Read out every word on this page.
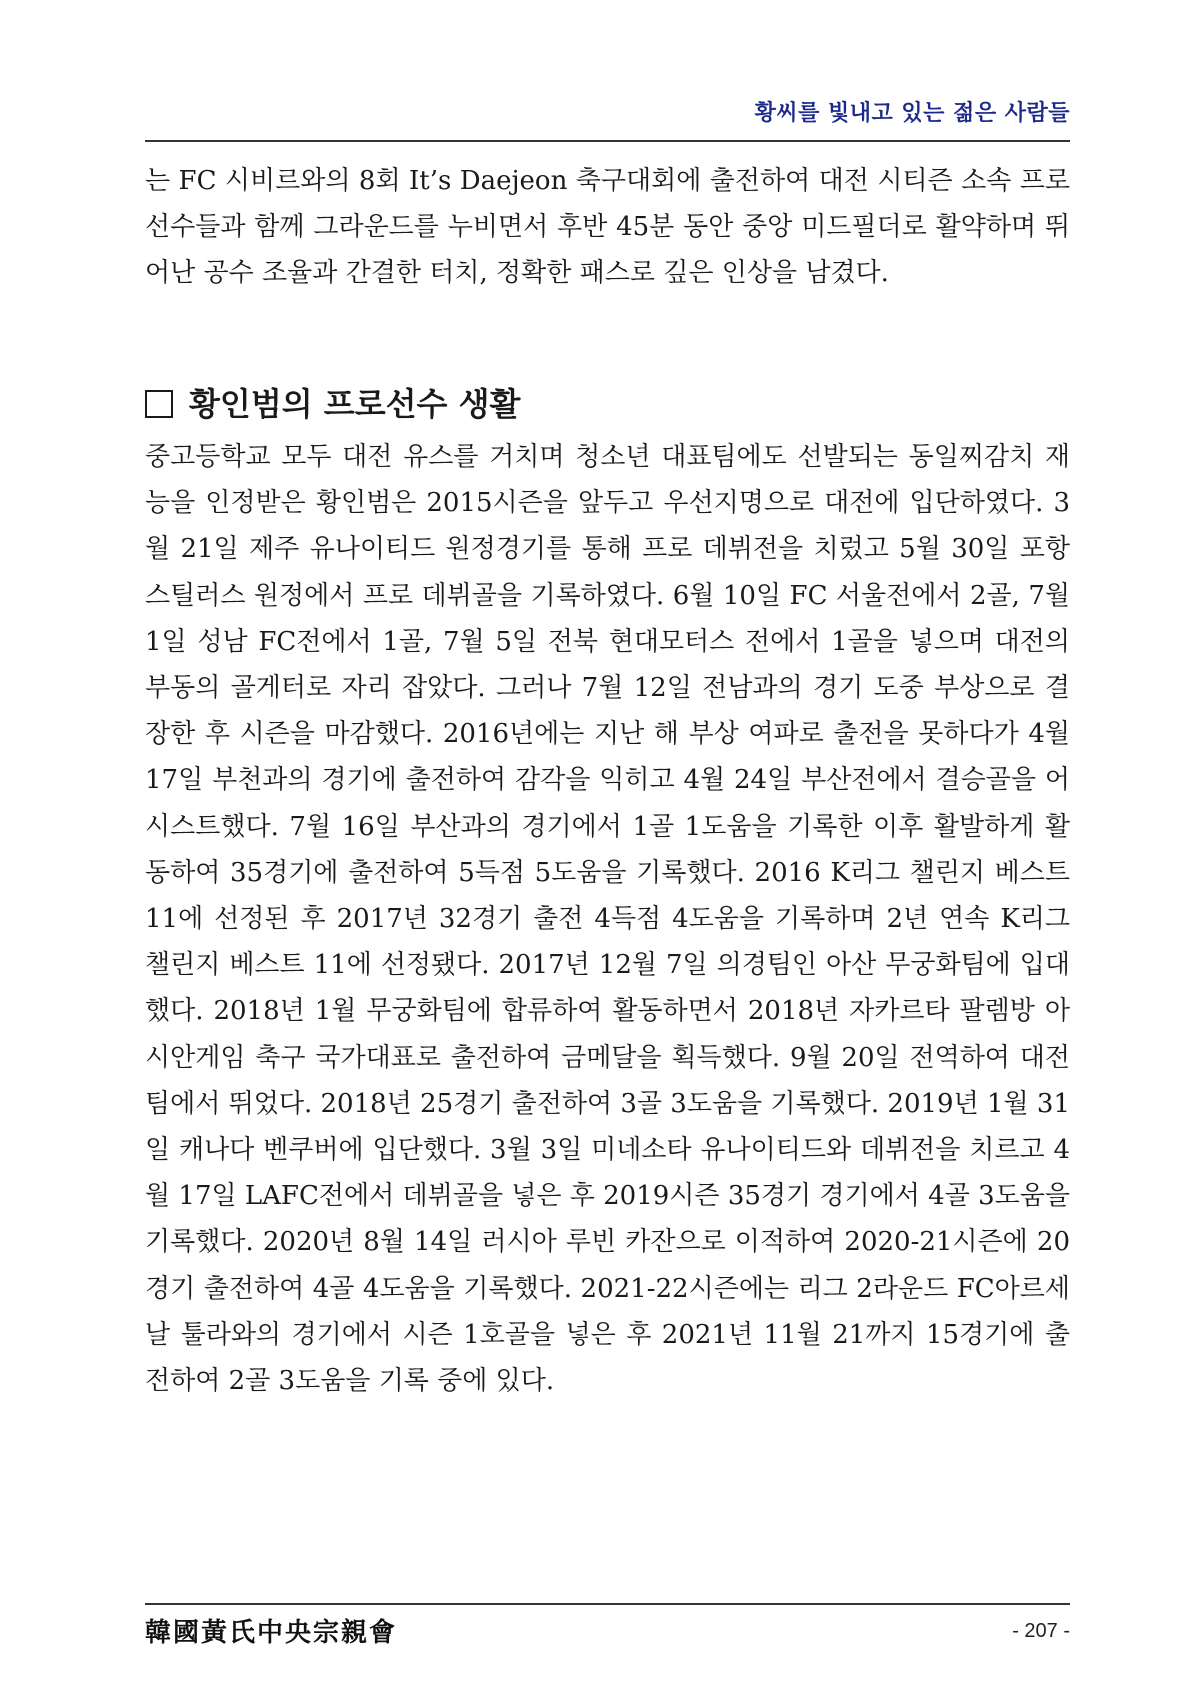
황씨를 빛내고 있는 젊은 사람들

는 FC 시비르와의 8회 It’s Daejeon 축구대회에 출전하여 대전 시티즌 소속 프로선수들과 함께 그라운드를 누비면서 후반 45분 동안 중앙 미드필더로 활약하며 뛰어난 공수 조율과 간결한 터치, 정확한 패스로 깊은 인상을 남겼다.

황인범의 프로선수 생활

중고등학교 모두 대전 유스를 거치며 청소년 대표팀에도 선발되는 동일찌감치 재능을 인정받은 황인범은 2015시즌을 앞두고 우선지명으로 대전에 입단하였다. 3월 21일 제주 유나이티드 원정경기를 통해 프로 데뷔전을 치렀고 5월 30일 포항 스틸러스 원정에서 프로 데뷔골을 기록하였다. 6월 10일 FC 서울전에서 2골, 7월 1일 성남 FC전에서 1골, 7월 5일 전북 현대모터스 전에서 1골을 넣으며 대전의 부동의 골게터로 자리 잡았다. 그러나 7월 12일 전남과의 경기 도중 부상으로 결장한 후 시즌을 마감했다. 2016년에는 지난 해 부상 여파로 출전을 못하다가 4월 17일 부천과의 경기에 출전하여 감각을 익히고 4월 24일 부산전에서 결승골을 어시스트했다. 7월 16일 부산과의 경기에서 1골 1도움을 기록한 이후 활발하게 활동하여 35경기에 출전하여 5득점 5도움을 기록했다. 2016 K리그 챌린지 베스트11에 선정된 후 2017년 32경기 출전 4득점 4도움을 기록하며 2년 연속 K리그 챌린지 베스트 11에 선정됐다. 2017년 12월 7일 의경팀인 아산 무궁화팀에 입대했다. 2018년 1월 무궁화팀에 합류하여 활동하면서 2018년 자카르타 팔렘방 아시안게임 축구 국가대표로 출전하여 금메달을 획득했다. 9월 20일 전역하여 대전팀에서 뛰었다. 2018년 25경기 출전하여 3골 3도움을 기록했다. 2019년 1월 31일 캐나다 벤쿠버에 입단했다. 3월 3일 미네소타 유나이티드와 데뷔전을 치르고 4월 17일 LAFC전에서 데뷔골을 넣은 후 2019시즌 35경기 경기에서 4골 3도움을 기록했다. 2020년 8월 14일 러시아 루빈 카잔으로 이적하여 2020-21시즌에 20경기 출전하여 4골 4도움을 기록했다. 2021-22시즌에는 리그 2라운드 FC아르세날 툴라와의 경기에서 시즌 1호골을 넣은 후 2021년 11월 21까지 15경기에 출전하여 2골 3도움을 기록 중에 있다.

韓國黃氏中央宗親會	- 207 -
